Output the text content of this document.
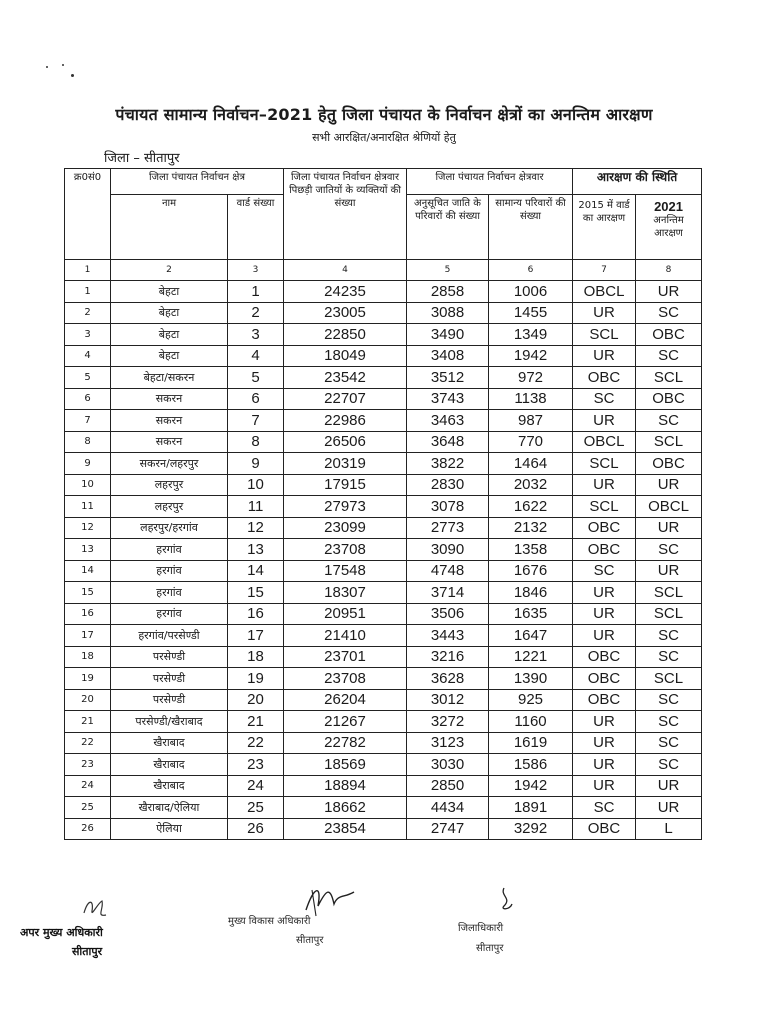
पंचायत सामान्य निर्वाचन–2021 हेतु जिला पंचायत के निर्वाचन क्षेत्रों का अनन्तिम आरक्षण
सभी आरक्षित/अनारक्षित श्रेणियों हेतु
जिला – सीतापुर
क्र0सं0	जिला पंचायत निर्वाचन क्षेत्र		जिला पंचायत निर्वाचन क्षेत्रवार पिछड़ी जातियों के व्यक्तियों की संख्या	जिला पंचायत निर्वाचन क्षेत्रवार		आरक्षण की स्थिति	
	नाम	वार्ड संख्या		अनुसूचित जाति के परिवारों की संख्या	सामान्य परिवारों की संख्या	2015 में वार्ड का आरक्षण	2021
अनन्तिम आरक्षण

1	2	3	4	5	6	7	8
1	बेहटा	1	24235	2858	1006	OBCL	UR
2	बेहटा	2	23005	3088	1455	UR	SC
3	बेहटा	3	22850	3490	1349	SCL	OBC
4	बेहटा	4	18049	3408	1942	UR	SC
5	बेहटा/सकरन	5	23542	3512	972	OBC	SCL
6	सकरन	6	22707	3743	1138	SC	OBC
7	सकरन	7	22986	3463	987	UR	SC
8	सकरन	8	26506	3648	770	OBCL	SCL
9	सकरन/लहरपुर	9	20319	3822	1464	SCL	OBC
10	लहरपुर	10	17915	2830	2032	UR	UR
11	लहरपुर	11	27973	3078	1622	SCL	OBCL
12	लहरपुर/हरगांव	12	23099	2773	2132	OBC	UR
13	हरगांव	13	23708	3090	1358	OBC	SC
14	हरगांव	14	17548	4748	1676	SC	UR
15	हरगांव	15	18307	3714	1846	UR	SCL
16	हरगांव	16	20951	3506	1635	UR	SCL
17	हरगांव/परसेण्डी	17	21410	3443	1647	UR	SC
18	परसेण्डी	18	23701	3216	1221	OBC	SC
19	परसेण्डी	19	23708	3628	1390	OBC	SCL
20	परसेण्डी	20	26204	3012	925	OBC	SC
21	परसेण्डी/खैराबाद	21	21267	3272	1160	UR	SC
22	खैराबाद	22	22782	3123	1619	UR	SC
23	खैराबाद	23	18569	3030	1586	UR	SC
24	खैराबाद	24	18894	2850	1942	UR	UR
25	खैराबाद/ऐलिया	25	18662	4434	1891	SC	UR
26	ऐलिया	26	23854	2747	3292	OBC	L
अपर मुख्य अधिकारी
सीतापुर
मुख्य विकास अधिकारी
सीतापुर
जिलाधिकारी
सीतापुर
